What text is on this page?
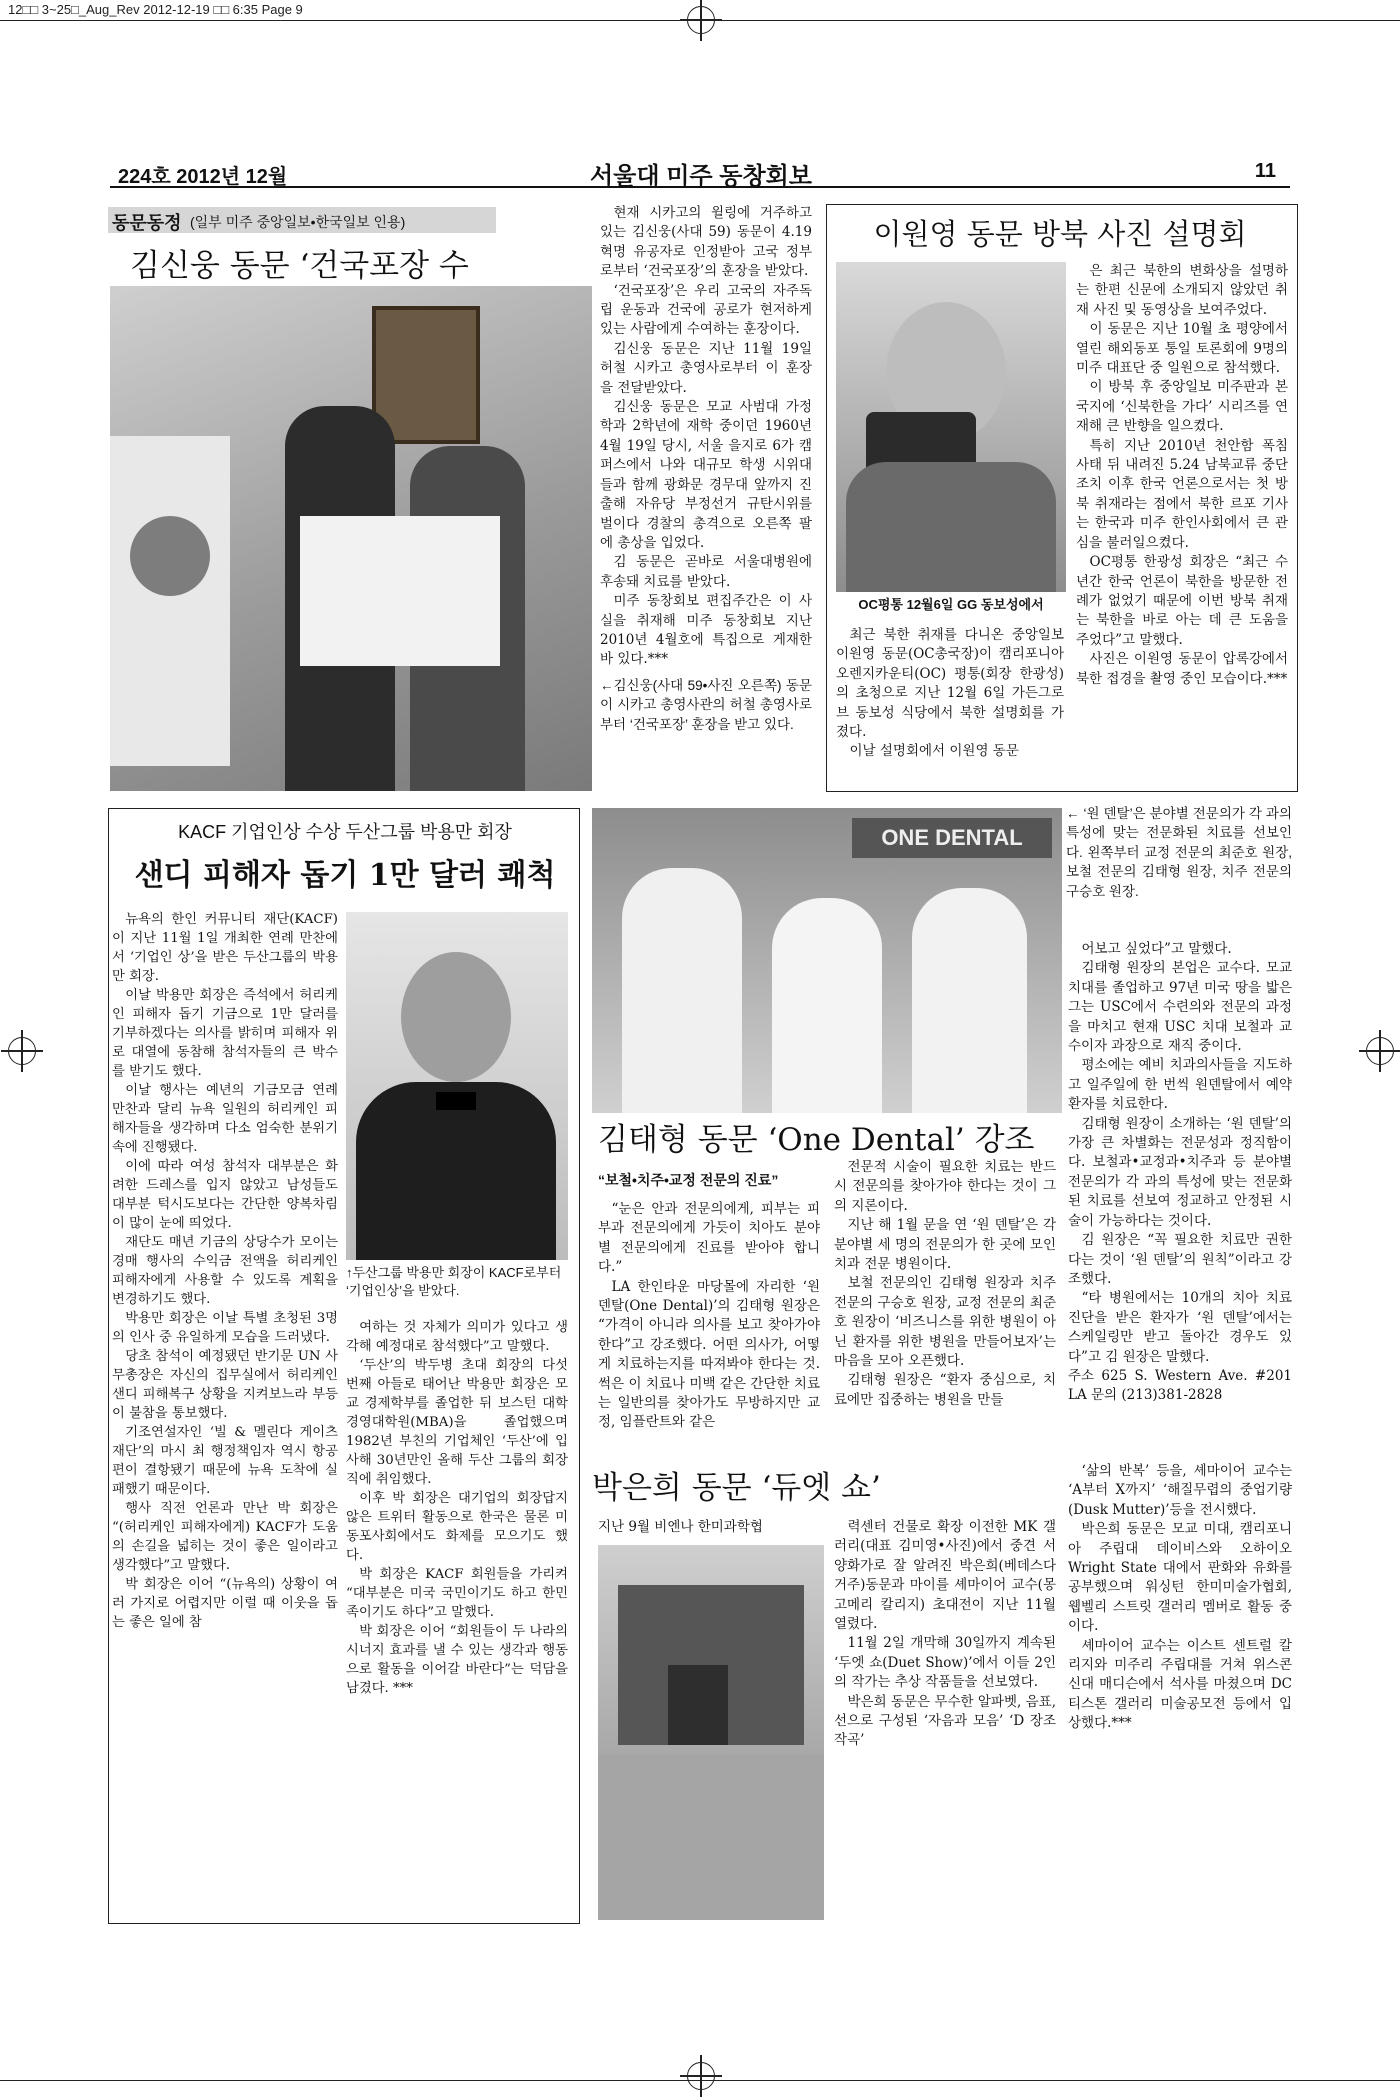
12□□ 3~25□_Aug_Rev 2012-12-19 □□ 6:35 Page 9
224호 2012년 12월	서울대 미주 동창회보	11
동문동정 (일부 미주 중앙일보•한국일보 인용)
김신웅 동문 ‘건국포장 수

현재 시카고의 윌링에 거주하고 있는 김신웅(사대 59) 동문이 4.19혁명 유공자로 인정받아 고국 정부로부터 ‘건국포장’의 훈장을 받았다.

‘건국포장’은 우리 고국의 자주독립 운동과 건국에 공로가 현저하게 있는 사람에게 수여하는 훈장이다.

김신웅 동문은 지난 11월 19일 허철 시카고 총영사로부터 이 훈장을 전달받았다.

김신웅 동문은 모교 사범대 가정학과 2학년에 재학 중이던 1960년 4월 19일 당시, 서울 을지로 6가 캠퍼스에서 나와 대규모 학생 시위대들과 함께 광화문 경무대 앞까지 진출해 자유당 부정선거 규탄시위를 벌이다 경찰의 총격으로 오른쪽 팔에 총상을 입었다.

김 동문은 곧바로 서울대병원에 후송돼 치료를 받았다.

미주 동창회보 편집주간은 이 사실을 취재해 미주 동창회보 지난 2010년 4월호에 특집으로 게재한 바 있다.***

←김신웅(사대 59•사진 오른쪽) 동문이 시카고 총영사관의 허철 총영사로부터 ‘건국포장’ 훈장을 받고 있다.

이원영 동문 방북 사진 설명회
OC평통 12월6일 GG 동보성에서

최근 북한 취재를 다니온 중앙일보 이원영 동문(OC총국장)이 캠리포니아 오렌지카운티(OC) 평통(회장 한광성)의 초청으로 지난 12월 6일 가든그로브 동보성 식당에서 북한 설명회를 가졌다.

이날 설명회에서 이원영 동문

은 최근 북한의 변화상을 설명하는 한편 신문에 소개되지 않았던 취재 사진 및 동영상을 보여주었다.

이 동문은 지난 10월 초 평양에서 열린 해외동포 통일 토론회에 9명의 미주 대표단 중 일원으로 참석했다.

이 방북 후 중앙일보 미주판과 본국지에 ‘신북한을 가다’ 시리즈를 연재해 큰 반향을 일으켰다.

특히 지난 2010년 천안함 폭침 사태 뒤 내려진 5.24 남북교류 중단 조치 이후 한국 언론으로서는 첫 방북 취재라는 점에서 북한 르포 기사는 한국과 미주 한인사회에서 큰 관심을 불러일으켰다.

OC평통 한광성 회장은 “최근 수년간 한국 언론이 북한을 방문한 전례가 없었기 때문에 이번 방북 취재는 북한을 바로 아는 데 큰 도움을 주었다”고 말했다.

사진은 이원영 동문이 압록강에서 북한 접경을 촬영 중인 모습이다.***

KACF 기업인상 수상 두산그룹 박용만 회장
샌디 피해자 돕기 1만 달러 쾌척

뉴욕의 한인 커뮤니티 재단(KACF)이 지난 11월 1일 개최한 연례 만찬에서 ‘기업인 상’을 받은 두산그룹의 박용만 회장.

이날 박용만 회장은 즉석에서 허리케인 피해자 돕기 기금으로 1만 달러를 기부하겠다는 의사를 밝히며 피해자 위로 대열에 동참해 참석자들의 큰 박수를 받기도 했다.

이날 행사는 예년의 기금모금 연례 만찬과 달리 뉴욕 일원의 허리케인 피해자들을 생각하며 다소 엄숙한 분위기 속에 진행됐다.

이에 따라 여성 참석자 대부분은 화려한 드레스를 입지 않았고 남성들도 대부분 턱시도보다는 간단한 양복차림이 많이 눈에 띄었다.

재단도 매년 기금의 상당수가 모이는 경매 행사의 수익금 전액을 허리케인 피해자에게 사용할 수 있도록 계획을 변경하기도 했다.

박용만 회장은 이날 특별 초청된 3명의 인사 중 유일하게 모습을 드러냈다.

당초 참석이 예정됐던 반기문 UN 사무총장은 자신의 집무실에서 허리케인 샌디 피해복구 상황을 지켜보느라 부등이 불참을 통보했다.

기조연설자인 ‘빌 & 멜린다 게이츠 재단’의 마시 최 행정책임자 역시 항공편이 결항됐기 때문에 뉴욕 도착에 실패했기 때문이다.

행사 직전 언론과 만난 박 회장은 “(허리케인 피해자에게) KACF가 도움의 손길을 넓히는 것이 좋은 일이라고 생각했다”고 말했다.

박 회장은 이어 “(뉴욕의) 상황이 여러 가지로 어렵지만 이럴 때 이웃을 돕는 좋은 일에 참

↑두산그룹 박용만 회장이 KACF로부터 ‘기업인상’을 받았다.

여하는 것 자체가 의미가 있다고 생각해 예정대로 참석했다”고 말했다.

‘두산’의 박두병 초대 회장의 다섯 번째 아들로 태어난 박용만 회장은 모교 경제학부를 졸업한 뒤 보스턴 대학 경영대학원(MBA)을 졸업했으며 1982년 부친의 기업체인 ‘두산’에 입사해 30년만인 올해 두산 그룹의 회장직에 취임했다.

이후 박 회장은 대기업의 회장답지 않은 트위터 활동으로 한국은 물론 미 동포사회에서도 화제를 모으기도 했다.

박 회장은 KACF 회원들을 가리켜 “대부분은 미국 국민이기도 하고 한민족이기도 하다”고 말했다.

박 회장은 이어 “회원들이 두 나라의 시너지 효과를 낼 수 있는 생각과 행동으로 활동을 이어갈 바란다”는 덕담을 남겼다. ***

ONE DENTAL
← ‘원 덴탈’은 분야별 전문의가 각 과의 특성에 맞는 전문화된 치료를 선보인다. 왼쪽부터 교정 전문의 최준호 원장, 보철 전문의 김태형 원장, 치주 전문의 구승호 원장.
김태형 동문 ‘One Dental’ 강조
“보철•치주•교정 전문의 진료”

“눈은 안과 전문의에게, 피부는 피부과 전문의에게 가듯이 치아도 분야별 전문의에게 진료를 받아야 합니다.”

LA 한인타운 마당몰에 자리한 ‘원 덴탈(One Dental)’의 김태형 원장은 “가격이 아니라 의사를 보고 찾아가야 한다”고 강조했다. 어떤 의사가, 어떻게 치료하는지를 따져봐야 한다는 것. 썩은 이 치료나 미백 같은 간단한 치료는 일반의를 찾아가도 무방하지만 교정, 임플란트와 같은

전문적 시술이 필요한 치료는 반드시 전문의를 찾아가야 한다는 것이 그의 지론이다.

지난 해 1월 문을 연 ‘원 덴탈’은 각 분야별 세 명의 전문의가 한 곳에 모인 치과 전문 병원이다.

보철 전문의인 김태형 원장과 치주 전문의 구승호 원장, 교정 전문의 최준호 원장이 ‘비즈니스를 위한 병원이 아닌 환자를 위한 병원을 만들어보자’는 마음을 모아 오픈했다.

김태형 원장은 “환자 중심으로, 치료에만 집중하는 병원을 만들

어보고 싶었다”고 말했다.

김태형 원장의 본업은 교수다. 모교 치대를 졸업하고 97년 미국 땅을 밟은 그는 USC에서 수련의와 전문의 과정을 마치고 현재 USC 치대 보철과 교수이자 과장으로 재직 중이다.

평소에는 예비 치과의사들을 지도하고 일주일에 한 번씩 원덴탈에서 예약 환자를 치료한다.

김태형 원장이 소개하는 ‘원 덴탈’의 가장 큰 차별화는 전문성과 정직함이다. 보철과•교정과•치주과 등 분야별 전문의가 각 과의 특성에 맞는 전문화된 치료를 선보여 정교하고 안정된 시술이 가능하다는 것이다.

김 원장은 “꼭 필요한 치료만 권한다는 것이 ‘원 덴탈’의 원칙”이라고 강조했다.

“타 병원에서는 10개의 치아 치료 진단을 받은 환자가 ‘원 덴탈’에서는 스케일링만 받고 돌아간 경우도 있다”고 김 원장은 말했다.

주소 625 S. Western Ave. #201 LA 문의 (213)381-2828

박은희 동문 ‘듀엣 쇼’
지난 9월 비엔나 한미과학협	력센터 건물로 확장 이전한 MK 갤러리(대표 김미영•사진)에서 중견 서양화가로 잘 알려진 박은희(베데스다 거주)동문과 마이를 셰마이어 교수(몽고메리 칼리지) 초대전이 지난 11월 열렸다.

11월 2일 개막해 30일까지 계속된 ‘두엣 쇼(Duet Show)’에서 이들 2인의 작가는 추상 작품들을 선보였다.

박은희 동문은 무수한 알파벳, 음표, 선으로 구성된 ‘자음과 모음’ ‘D 장조 작곡’

‘삶의 반복’ 등을, 셰마이어 교수는 ‘A부터 X까지’ ‘해질무렵의 중업기량(Dusk Mutter)’등을 전시했다.

박은희 동문은 모교 미대, 캠리포니아 주립대 데이비스와 오하이오 Wright State 대에서 판화와 유화를 공부했으며 워싱턴 한미미술가협회, 웹벨리 스트릿 갤러리 멤버로 활동 중이다.

셰마이어 교수는 이스트 센트럴 칼리지와 미주리 주립대를 거쳐 위스콘신대 매디슨에서 석사를 마쳤으며 DC 티스톤 갤러리 미술공모전 등에서 입상했다.***
